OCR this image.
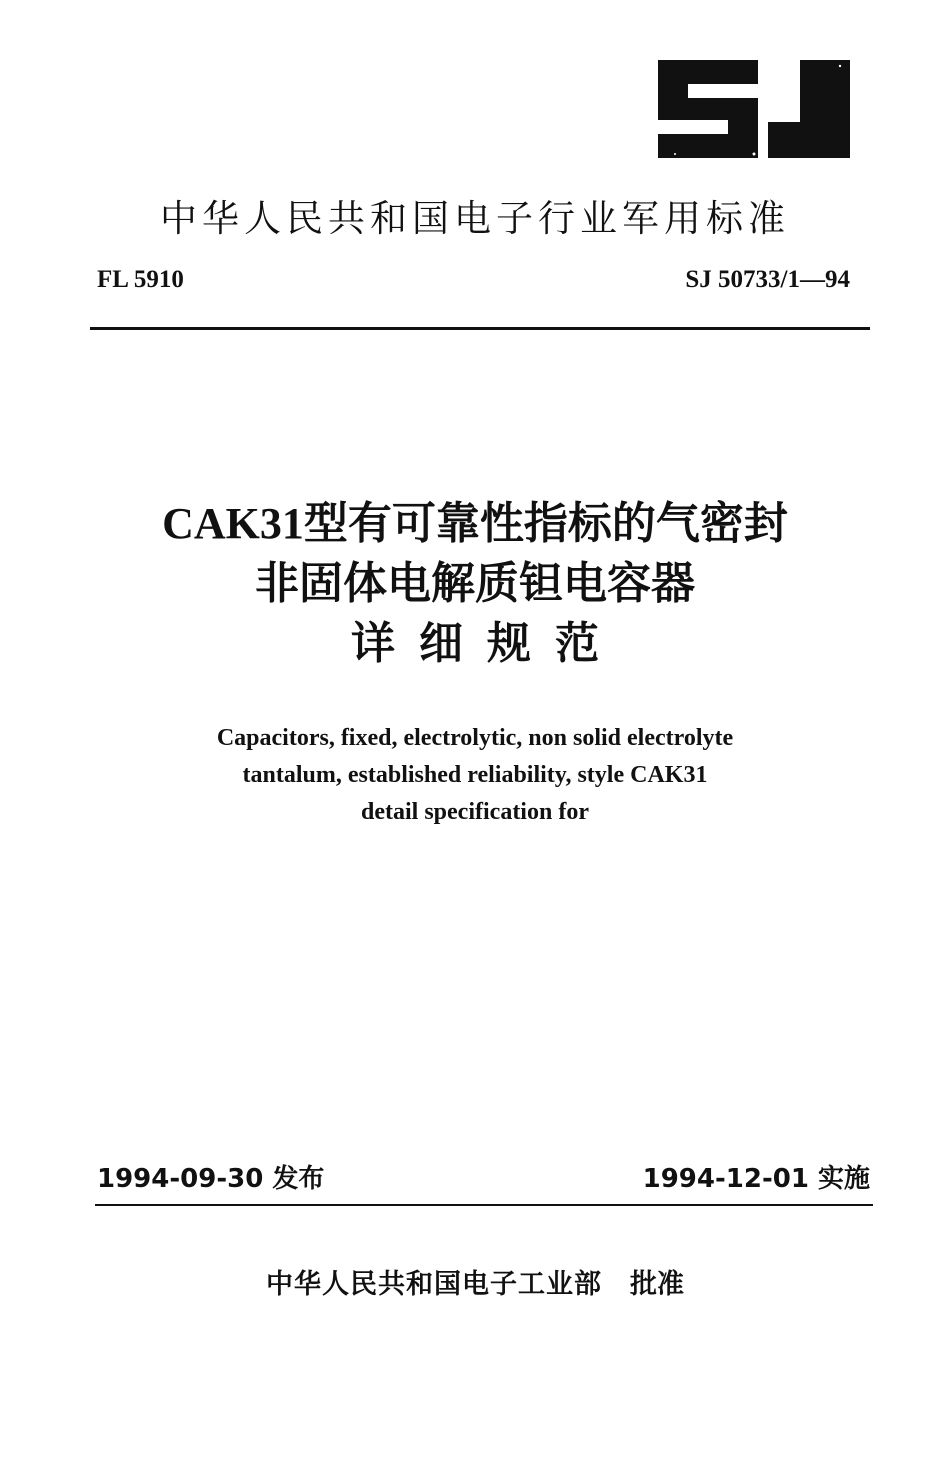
中华人民共和国电子行业军用标准
FL 5910	SJ 50733/1—94
CAK31型有可靠性指标的气密封
非固体电解质钽电容器
详细规范
Capacitors, fixed, electrolytic, non solid electrolyte
tantalum, established reliability, style CAK31
detail specification for
1994-09-30 发布	1994-12-01 实施
中华人民共和国电子工业部 批准
